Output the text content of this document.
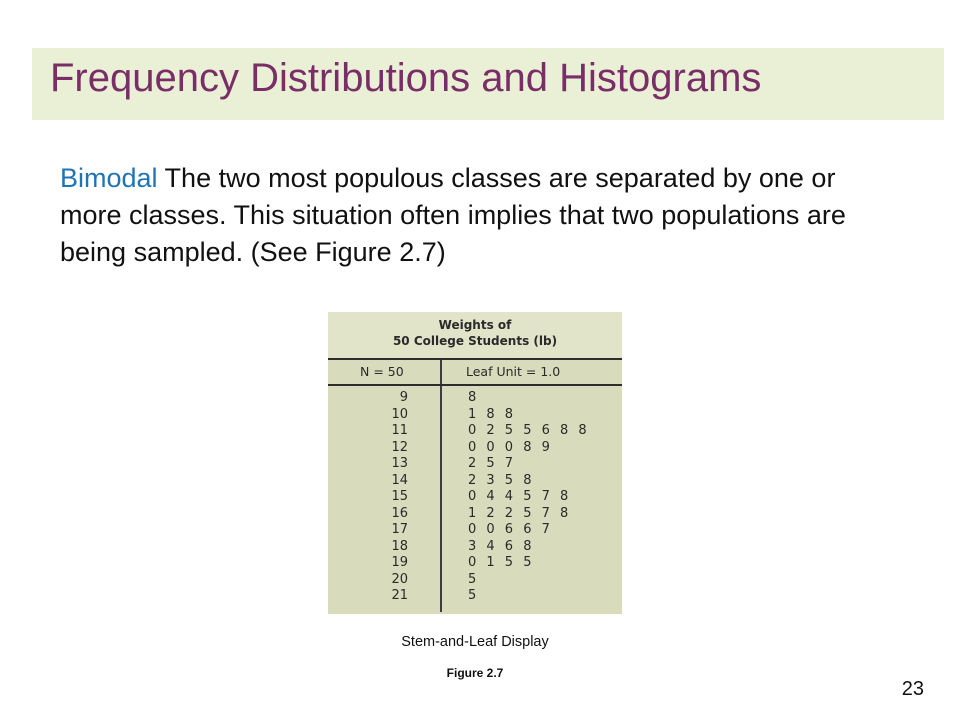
Frequency Distributions and Histograms

Bimodal The two most populous classes are separated by one or more classes. This situation often implies that two populations are being sampled. (See Figure 2.7)

Weights of
50 College Students (lb)
N = 50	Leaf Unit = 1.0
9	8
10	1 8 8
11	0 2 5 5 6 8 8
12	0 0 0 8 9
13	2 5 7
14	2 3 5 8
15	0 4 4 5 7 8
16	1 2 2 5 7 8
17	0 0 6 6 7
18	3 4 6 8
19	0 1 5 5
20	5
21	5
Stem-and-Leaf Display
Figure 2.7
23
